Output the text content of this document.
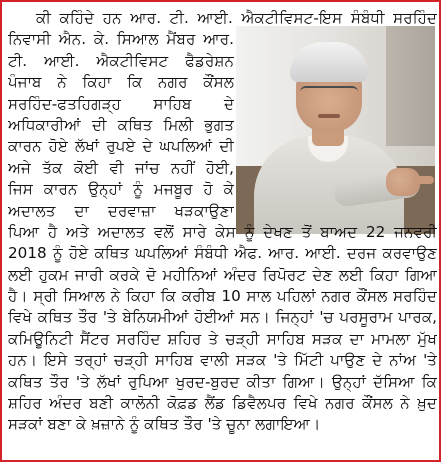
ਕੀ ਕਹਿੰਦੇ ਹਨ ਆਰ. ਟੀ. ਆਈ. ਐਕਟੀਵਿਸਟ-ਇਸ ਸੰਬੰਧੀ ਸਰਹਿੰਦ
ਨਿਵਾਸੀ ਐਨ. ਕੇ. ਸਿਆਲ ਮੈਂਬਰ ਆਰ.
ਟੀ. ਆਈ. ਐਕਟੀਵਿਸਟ ਫੈਡਰੇਸ਼ਨ
ਪੰਜਾਬ ਨੇ ਕਿਹਾ ਕਿ ਨਗਰ ਕੌਂਸਲ
ਸਰਹਿੰਦ-ਫਤਹਿਗੜ੍ਹ ਸਾਹਿਬ ਦੇ
ਅਧਿਕਾਰੀਆਂ ਦੀ ਕਥਿਤ ਮਿਲੀ ਭੁਗਤ
ਕਾਰਨ ਹੋਏ ਲੱਖਾਂ ਰੁਪਏ ਦੇ ਘਪਲਿਆਂ ਦੀ
ਅਜੇ ਤੱਕ ਕੋਈ ਵੀ ਜਾਂਚ ਨਹੀਂ ਹੋਈ,
ਜਿਸ ਕਾਰਨ ਉਨ੍ਹਾਂ ਨੂੰ ਮਜਬੂਰ ਹੋ ਕੇ
ਅਦਾਲਤ ਦਾ ਦਰਵਾਜ਼ਾ ਖੜਕਾਉਣਾ
ਪਿਆ ਹੈ ਅਤੇ ਅਦਾਲਤ ਵਲੋਂ ਸਾਰੇ ਕੇਸ ਨੂੰ ਦੇਖਣ ਤੋਂ ਬਾਅਦ 22 ਜਨਵਰੀ
2018 ਨੂੰ ਹੋਏ ਕਥਿਤ ਘਪਲਿਆਂ ਸੰਬੰਧੀ ਐਫ. ਆਰ. ਆਈ. ਦਰਜ ਕਰਵਾਉਣ
ਲਈ ਹੁਕਮ ਜਾਰੀ ਕਰਕੇ ਦੋ ਮਹੀਨਿਆਂ ਅੰਦਰ ਰਿਪੋਰਟ ਦੇਣ ਲਈ ਕਿਹਾ ਗਿਆ
ਹੈ। ਸ੍ਰੀ ਸਿਆਲ ਨੇ ਕਿਹਾ ਕਿ ਕਰੀਬ 10 ਸਾਲ ਪਹਿਲਾਂ ਨਗਰ ਕੌਂਸਲ ਸਰਹਿੰਦ
ਵਿਖੇ ਕਥਿਤ ਤੌਰ 'ਤੇ ਬੇਨਿਯਮੀਆਂ ਹੋਈਆਂ ਸਨ। ਜਿਨ੍ਹਾਂ 'ਚ ਪਰਸੂਰਾਮ ਪਾਰਕ,
ਕਮਿਊਨਿਟੀ ਸੈਂਟਰ ਸਰਹਿੰਦ ਸ਼ਹਿਰ ਤੇ ਚੜ੍ਹੀ ਸਾਹਿਬ ਸੜਕ ਦਾ ਮਾਮਲਾ ਮੁੱਖ
ਹਨ। ਇਸੇ ਤਰ੍ਹਾਂ ਚੜ੍ਹੀ ਸਾਹਿਬ ਵਾਲੀ ਸੜਕ 'ਤੇ ਮਿੱਟੀ ਪਾਉਣ ਦੇ ਨਾਂਅ 'ਤੇ
ਕਥਿਤ ਤੌਰ 'ਤੇ ਲੱਖਾਂ ਰੁਪਿਆ ਖੁਰਦ-ਬੁਰਦ ਕੀਤਾ ਗਿਆ। ਉਨ੍ਹਾਂ ਦੱਸਿਆ ਕਿ
ਸ਼ਹਿਰ ਅੰਦਰ ਬਣੀ ਕਾਲੋਨੀ ਕੋਫ਼ਡ ਲੈਂਡ ਡਿਵੈਲਪਰ ਵਿਖੇ ਨਗਰ ਕੌਂਸਲ ਨੇ ਖ਼ੁਦ
ਸੜਕਾਂ ਬਣਾ ਕੇ ਖ਼ਜ਼ਾਨੇ ਨੂੰ ਕਥਿਤ ਤੌਰ 'ਤੇ ਚੂਨਾ ਲਗਾਇਆ।
